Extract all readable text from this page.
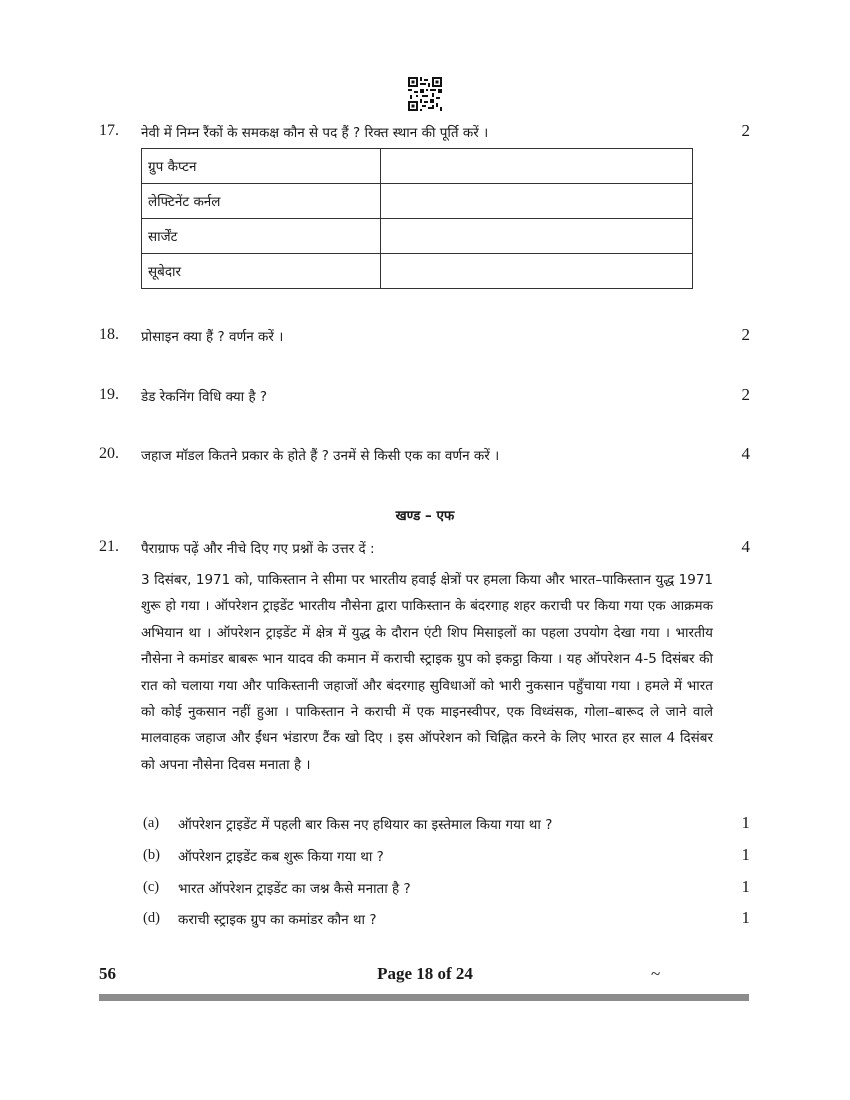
17. नेवी में निम्न रैंकों के समकक्ष कौन से पद हैं ? रिक्त स्थान की पूर्ति करें ।	2
ग्रुप कैप्टन	
लेफ्टिनेंट कर्नल	
सार्जेंट	
सूबेदार	
18. प्रोसाइन क्या हैं ? वर्णन करें ।	2
19. डेड रेकनिंग विधि क्या है ?	2
20. जहाज मॉडल कितने प्रकार के होते हैं ? उनमें से किसी एक का वर्णन करें ।	4
खण्ड – एफ
21. पैराग्राफ पढ़ें और नीचे दिए गए प्रश्नों के उत्तर दें :	4
3 दिसंबर, 1971 को, पाकिस्तान ने सीमा पर भारतीय हवाई क्षेत्रों पर हमला किया और भारत–पाकिस्तान युद्ध 1971 शुरू हो गया । ऑपरेशन ट्राइडेंट भारतीय नौसेना द्वारा पाकिस्तान के बंदरगाह शहर कराची पर किया गया एक आक्रमक अभियान था । ऑपरेशन ट्राइडेंट में क्षेत्र में युद्ध के दौरान एंटी शिप मिसाइलों का पहला उपयोग देखा गया । भारतीय नौसेना ने कमांडर बाबरू भान यादव की कमान में कराची स्ट्राइक ग्रुप को इकट्ठा किया । यह ऑपरेशन 4-5 दिसंबर की रात को चलाया गया और पाकिस्तानी जहाजों और बंदरगाह सुविधाओं को भारी नुकसान पहुँचाया गया । हमले में भारत को कोई नुकसान नहीं हुआ । पाकिस्तान ने कराची में एक माइनस्वीपर, एक विध्वंसक, गोला–बारूद ले जाने वाले मालवाहक जहाज और ईंधन भंडारण टैंक खो दिए । इस ऑपरेशन को चिह्नित करने के लिए भारत हर साल 4 दिसंबर को अपना नौसेना दिवस मनाता है ।
(a) ऑपरेशन ट्राइडेंट में पहली बार किस नए हथियार का इस्तेमाल किया गया था ?	1
(b) ऑपरेशन ट्राइडेंट कब शुरू किया गया था ?	1
(c) भारत ऑपरेशन ट्राइडेंट का जश्न कैसे मनाता है ?	1
(d) कराची स्ट्राइक ग्रुप का कमांडर कौन था ?	1
56	Page 18 of 24	~
